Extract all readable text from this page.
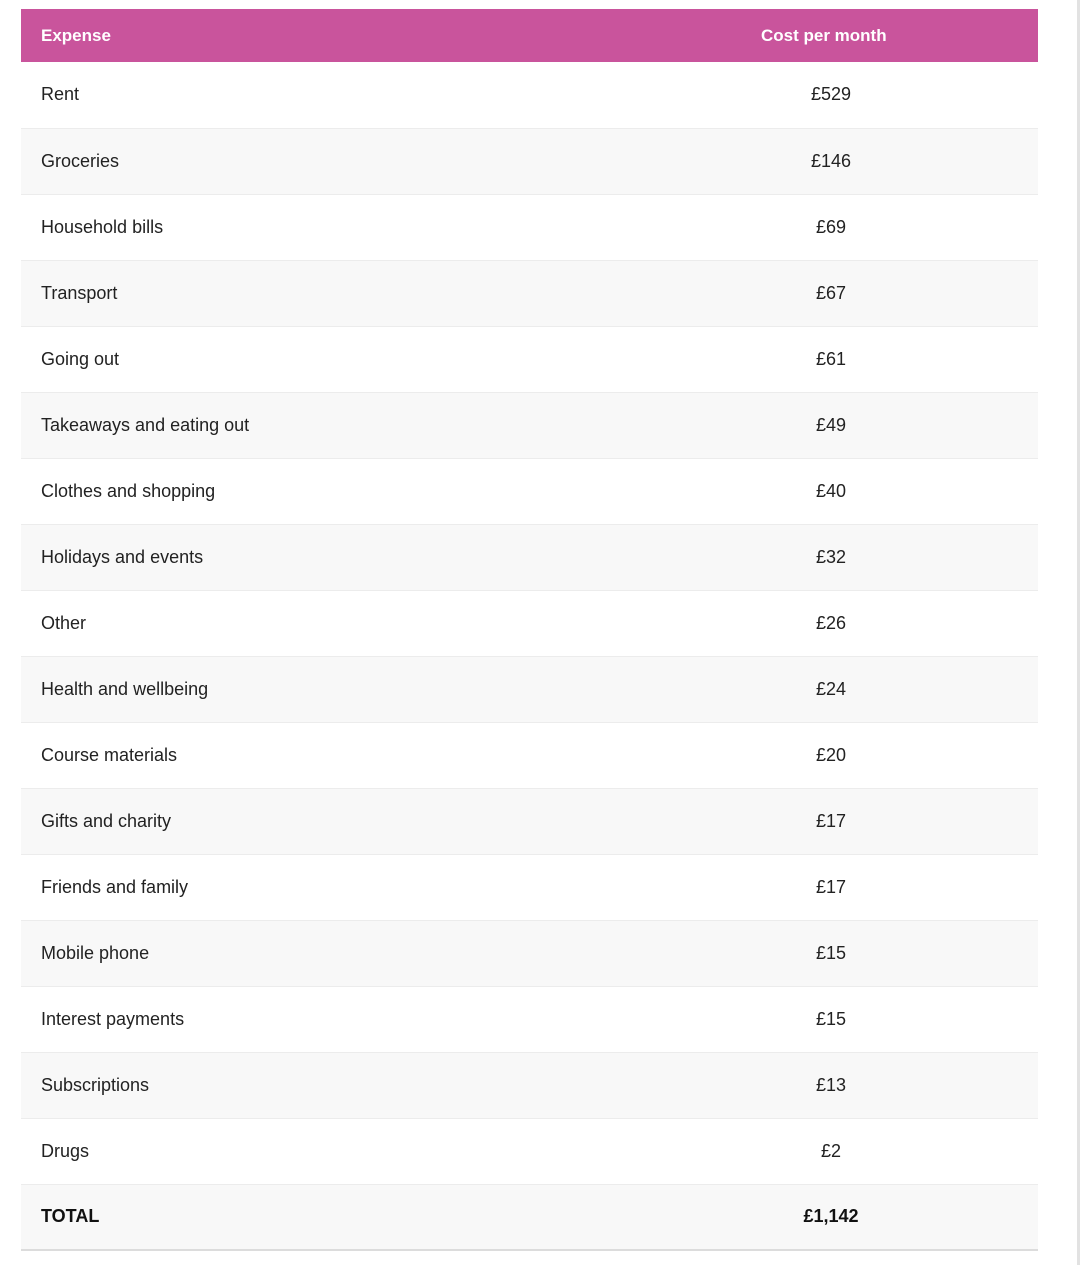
Expense	Cost per month
Rent	£529
Groceries	£146
Household bills	£69
Transport	£67
Going out	£61
Takeaways and eating out	£49
Clothes and shopping	£40
Holidays and events	£32
Other	£26
Health and wellbeing	£24
Course materials	£20
Gifts and charity	£17
Friends and family	£17
Mobile phone	£15
Interest payments	£15
Subscriptions	£13
Drugs	£2
TOTAL	£1,142
